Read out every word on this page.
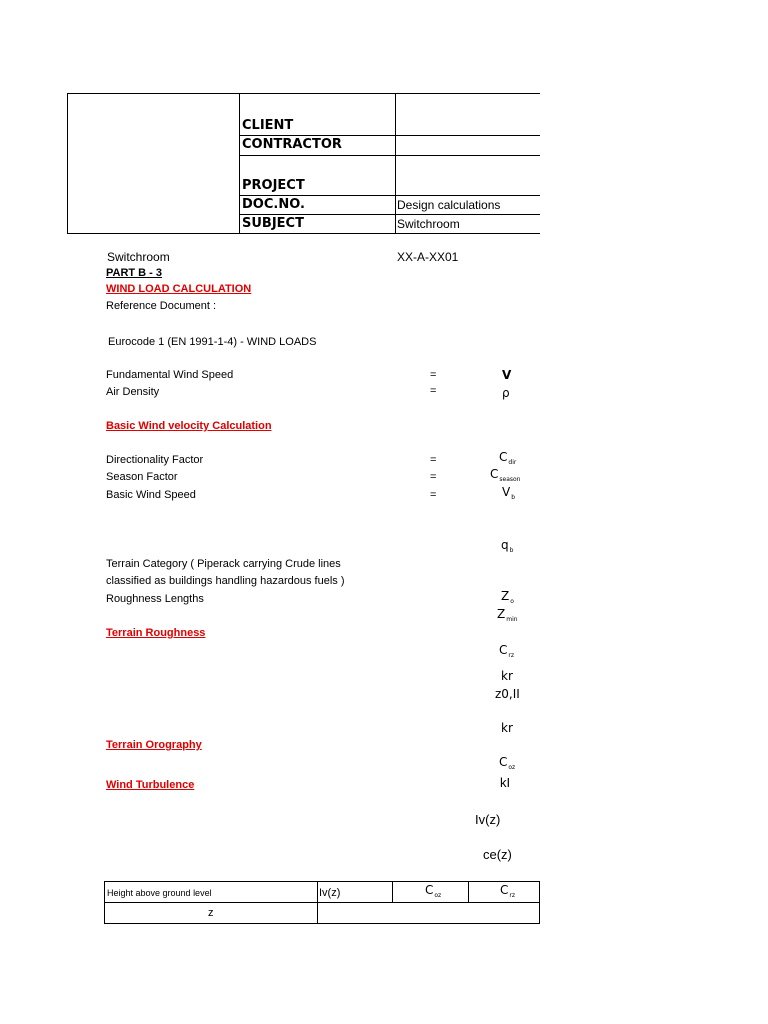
CLIENT
CONTRACTOR
PROJECT
DOC.NO.	Design calculations
SUBJECT	Switchroom
Switchroom	XX-A-XX01
PART B - 3
WIND LOAD CALCULATION
Reference Document :
Eurocode 1 (EN 1991-1-4) - WIND LOADS
Fundamental Wind Speed	=	V
Air Density	=	ρ
Basic Wind velocity Calculation
Directionality Factor	=	$C_{dir}$
Season Factor	=	$C_{season}$
Basic Wind Speed	=	$V_b$
$q_b$
Terrain Category ( Piperack carrying Crude lines
classified as buildings handling hazardous fuels )
Roughness Lengths	$Z_o$
$Z_{min}$
Terrain Roughness
$C_{rz}$
kr
z0,II
kr
Terrain Orography
$C_{oz}$
Wind Turbulence	kI
Iv(z)
ce(z)
Height above ground level	Iv(z)	$C_{oz}$	$C_{rz}$
z
